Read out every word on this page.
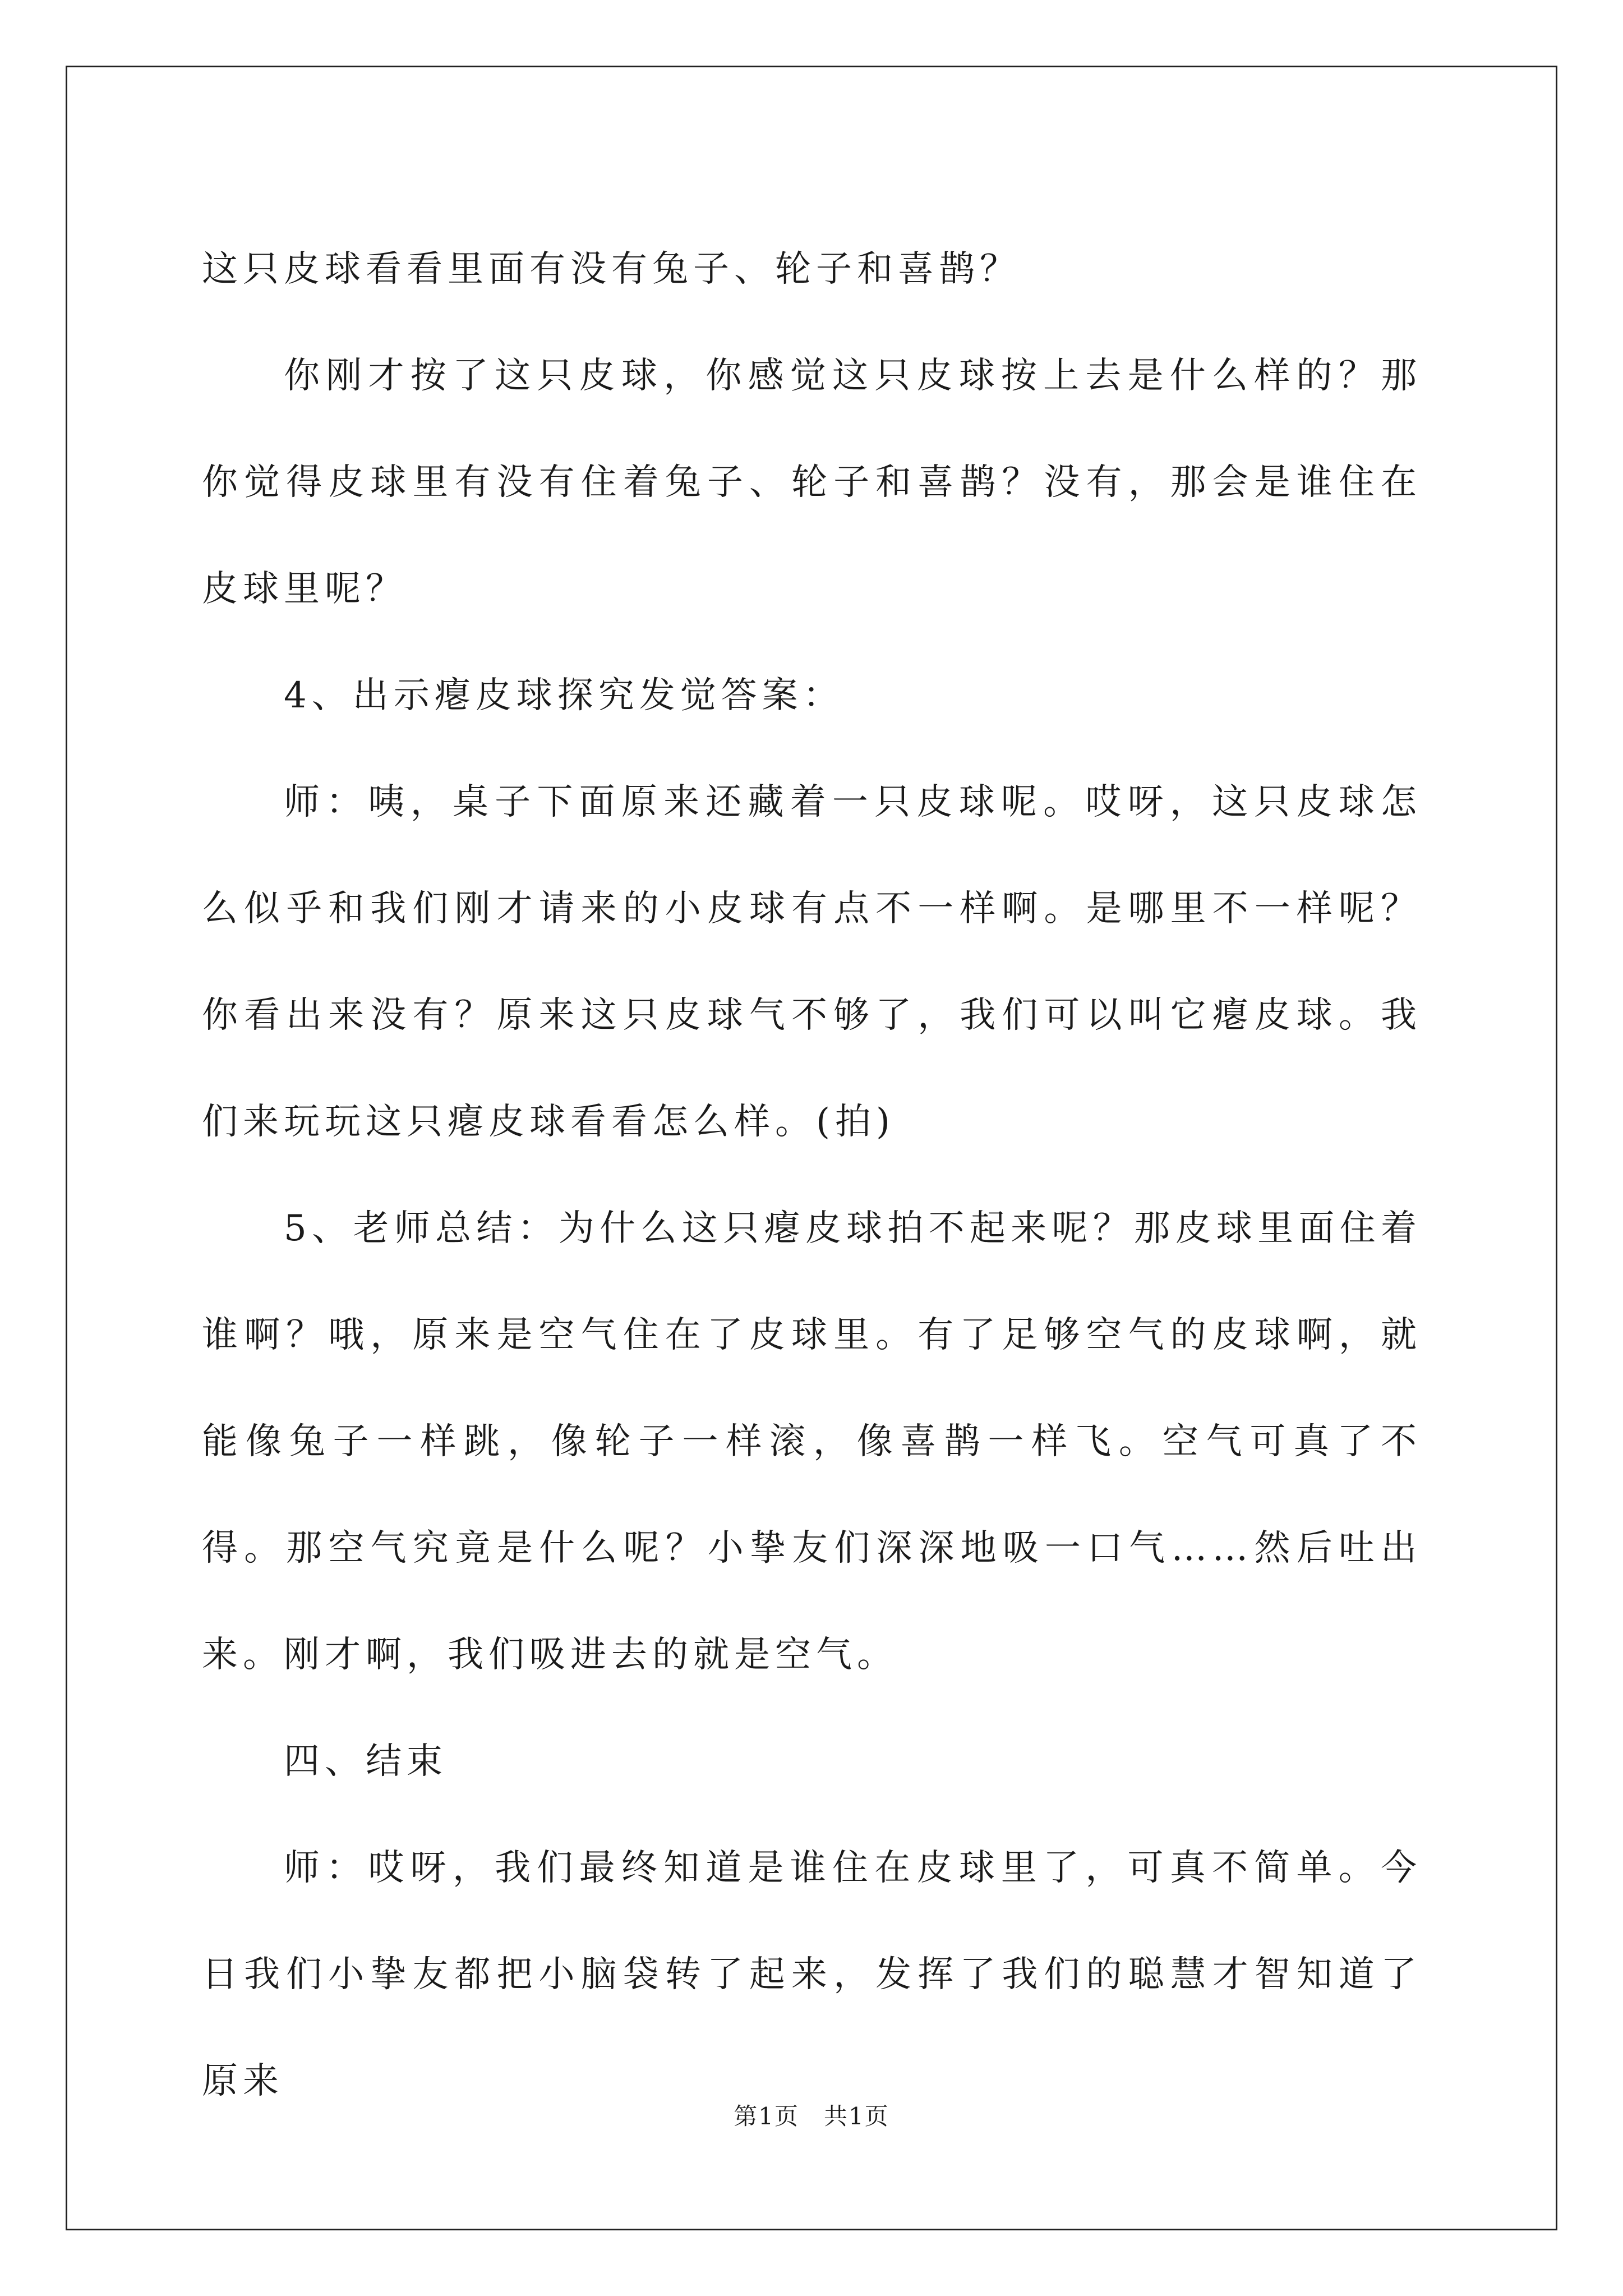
这只皮球看看里面有没有兔子、轮子和喜鹊？

你刚才按了这只皮球，你感觉这只皮球按上去是什么样的？那你觉得皮球里有没有住着兔子、轮子和喜鹊？没有，那会是谁住在皮球里呢？

4、出示瘪皮球探究发觉答案：

师：咦，桌子下面原来还藏着一只皮球呢。哎呀，这只皮球怎么似乎和我们刚才请来的小皮球有点不一样啊。是哪里不一样呢？你看出来没有？原来这只皮球气不够了，我们可以叫它瘪皮球。我们来玩玩这只瘪皮球看看怎么样。(拍)

5、老师总结：为什么这只瘪皮球拍不起来呢？那皮球里面住着谁啊？哦，原来是空气住在了皮球里。有了足够空气的皮球啊，就能像兔子一样跳，像轮子一样滚，像喜鹊一样飞。空气可真了不得。那空气究竟是什么呢？小挚友们深深地吸一口气……然后吐出来。刚才啊，我们吸进去的就是空气。

四、结束

师：哎呀，我们最终知道是谁住在皮球里了，可真不简单。今日我们小挚友都把小脑袋转了起来，发挥了我们的聪慧才智知道了原来

第1页　共1页
